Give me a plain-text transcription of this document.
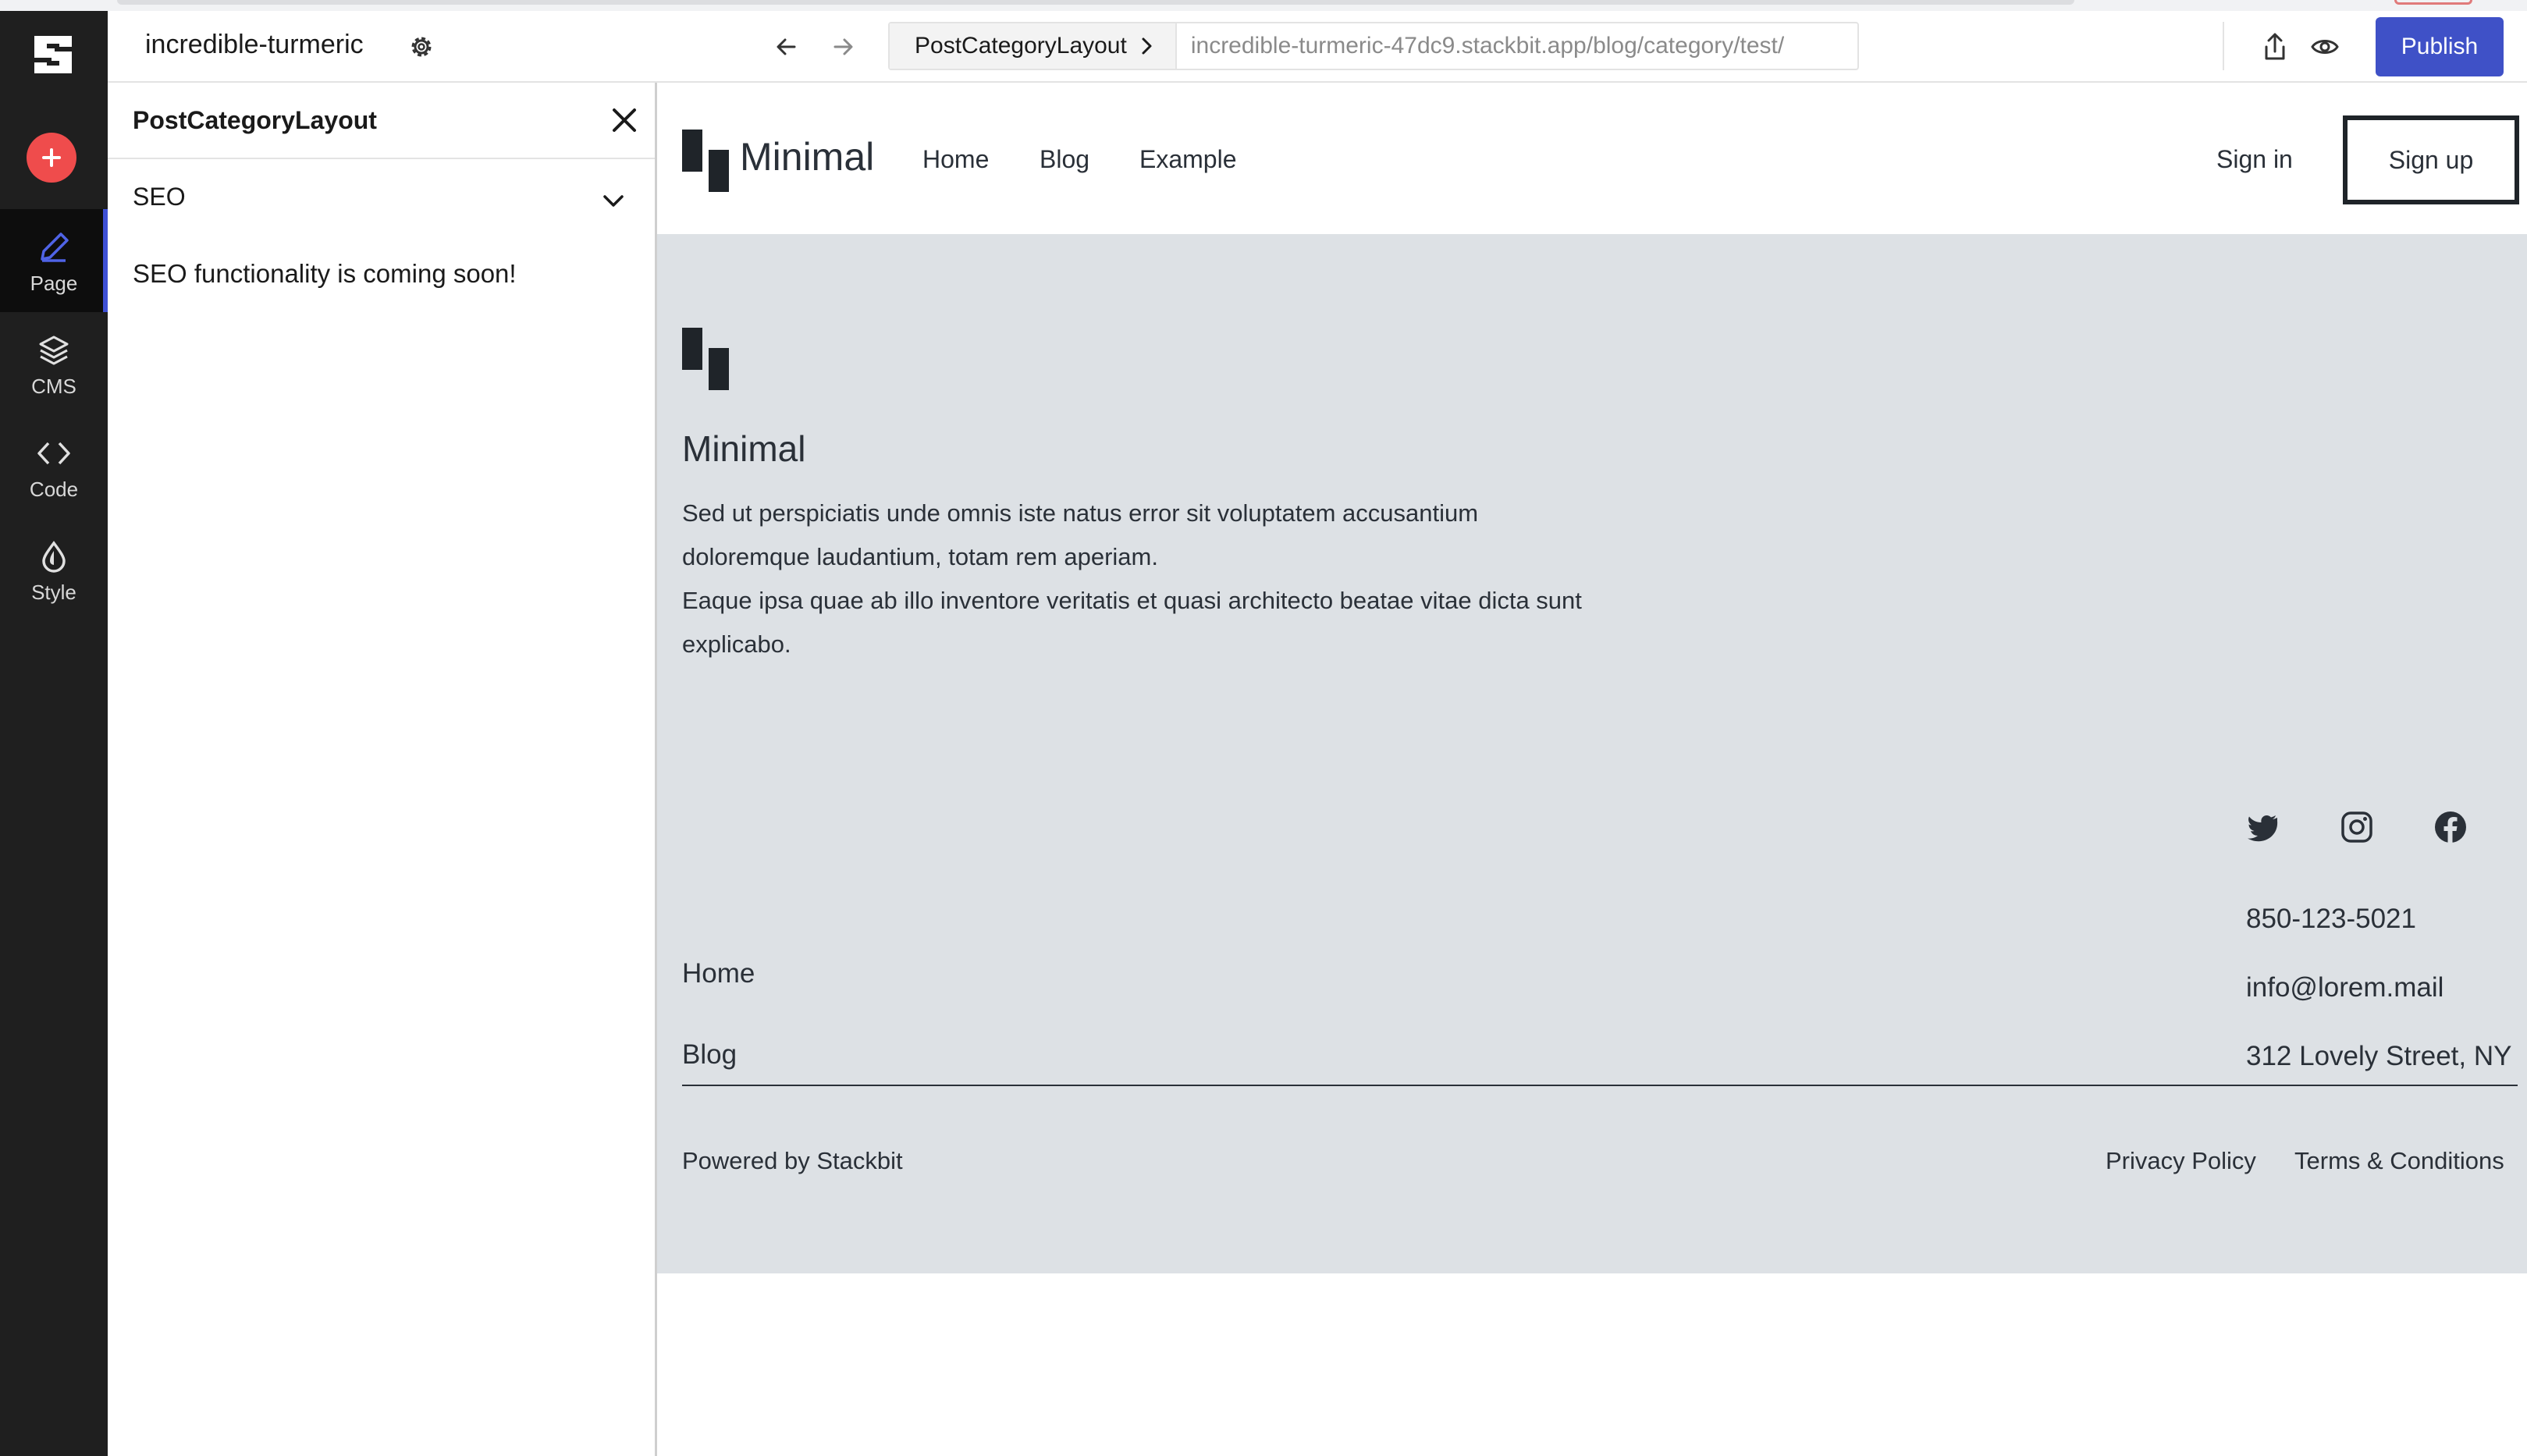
Page
CMS
Code
Style
incredible-turmeric	PostCategoryLayout	incredible-turmeric-47dc9.stackbit.app/blog/category/test/	Publish
PostCategoryLayout
SEO

SEO functionality is coming soon!

Minimal Home Blog Example	Sign in	Sign up
Minimal

Sed ut perspiciatis unde omnis iste natus error sit voluptatem accusantium doloremque laudantium, totam rem aperiam.

Eaque ipsa quae ab illo inventore veritatis et quasi architecto beatae vitae dicta sunt explicabo.

850-123-5021
info@lorem.mail
312 Lovely Street, NY
Home
Blog
Powered by Stackbit	Privacy Policy Terms & Conditions
